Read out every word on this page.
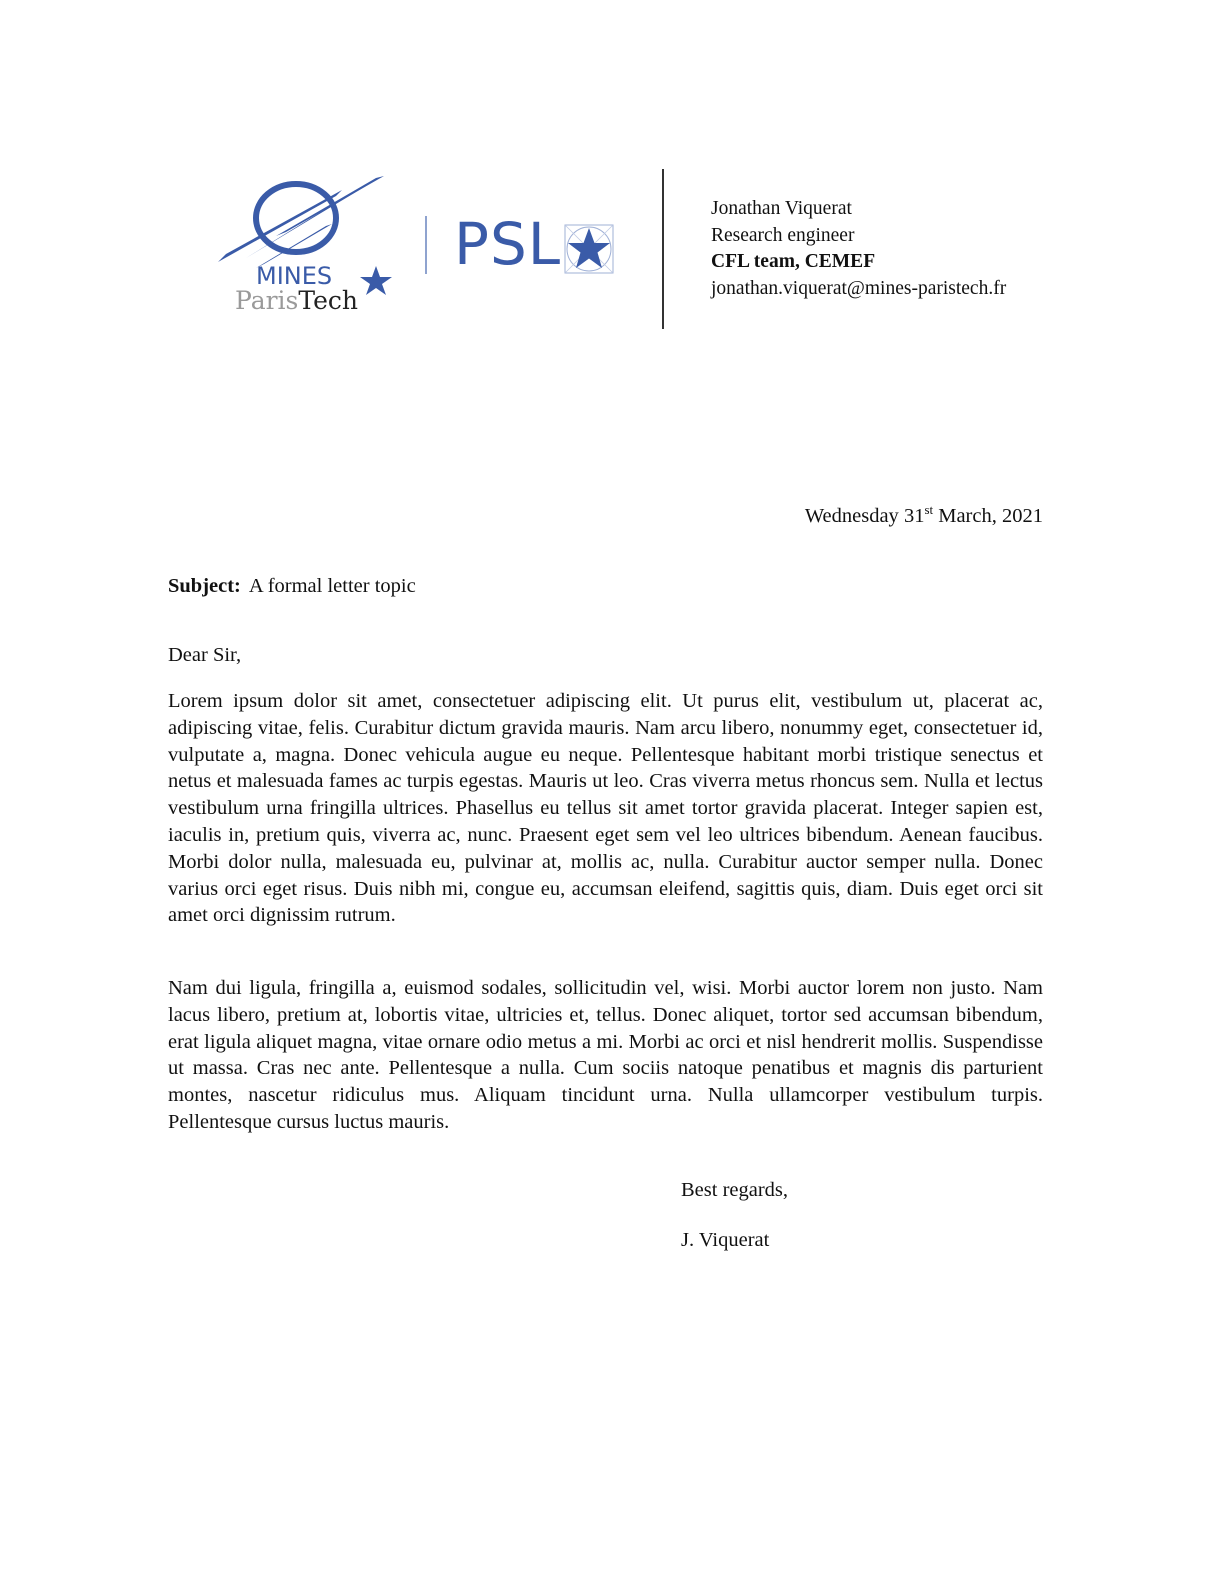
MINES
ParisTech
PSL
Jonathan Viquerat
Research engineer
CFL team, CEMEF
jonathan.viquerat@mines-paristech.fr
Wednesday 31st March, 2021
Subject: A formal letter topic
Dear Sir,

Lorem ipsum dolor sit amet, consectetuer adipiscing elit. Ut purus elit, vestibulum ut, placerat ac, adipiscing vitae, felis. Curabitur dictum gravida mauris. Nam arcu libero, nonummy eget, consectetuer id, vulputate a, magna. Donec vehicula augue eu neque. Pellentesque habitant morbi tristique senectus et netus et malesuada fames ac turpis egestas. Mauris ut leo. Cras viverra metus rhoncus sem. Nulla et lectus vestibulum urna fringilla ultrices. Phasellus eu tellus sit amet tortor gravida placerat. Integer sapien est, iaculis in, pretium quis, viverra ac, nunc. Praesent eget sem vel leo ultrices bibendum. Aenean faucibus. Morbi dolor nulla, malesuada eu, pulvinar at, mollis ac, nulla. Curabitur auctor semper nulla. Donec varius orci eget risus. Duis nibh mi, congue eu, accumsan eleifend, sagittis quis, diam. Duis eget orci sit amet orci dignissim rutrum.

Nam dui ligula, fringilla a, euismod sodales, sollicitudin vel, wisi. Morbi auctor lorem non justo. Nam lacus libero, pretium at, lobortis vitae, ultricies et, tellus. Donec aliquet, tortor sed accumsan bibendum, erat ligula aliquet magna, vitae ornare odio metus a mi. Morbi ac orci et nisl hendrerit mollis. Suspendisse ut massa. Cras nec ante. Pellentesque a nulla. Cum sociis natoque penatibus et magnis dis parturient montes, nascetur ridiculus mus. Aliquam tincidunt urna. Nulla ullamcorper vestibulum turpis. Pellentesque cursus luctus mauris.

Best regards,
J. Viquerat
